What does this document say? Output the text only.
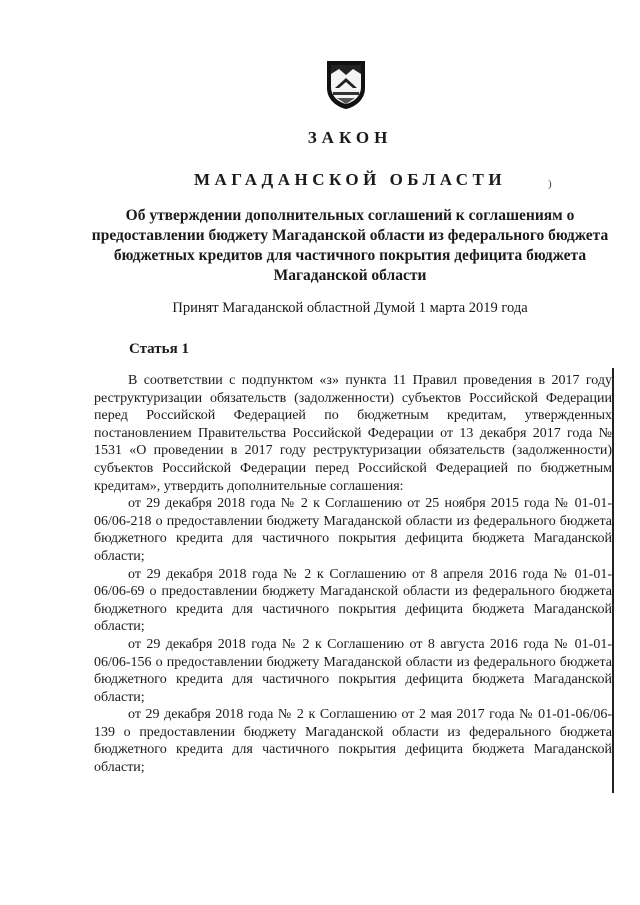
ЗАКОН
МАГАДАНСКОЙ ОБЛАСТИ	)
Об утверждении дополнительных соглашений к соглашениям о предоставлении бюджету Магаданской области из федерального бюджета бюджетных кредитов для частичного покрытия дефицита бюджета Магаданской области
Принят Магаданской областной Думой 1 марта 2019 года
Статья 1

В соответствии с подпунктом «з» пункта 11 Правил проведения в 2017 году реструктуризации обязательств (задолженности) субъектов Российской Федерации перед Российской Федерацией по бюджетным кредитам, утвержденных постановлением Правительства Российской Федерации от 13 декабря 2017 года № 1531 «О проведении в 2017 году реструктуризации обязательств (задолженности) субъектов Российской Федерации перед Российской Федерацией по бюджетным кредитам», утвердить дополнительные соглашения:

от 29 декабря 2018 года № 2 к Соглашению от 25 ноября 2015 года № 01-01-06/06-218 о предоставлении бюджету Магаданской области из федерального бюджета бюджетного кредита для частичного покрытия дефицита бюджета Магаданской области;

от 29 декабря 2018 года № 2 к Соглашению от 8 апреля 2016 года № 01-01-06/06-69 о предоставлении бюджету Магаданской области из федерального бюджета бюджетного кредита для частичного покрытия дефицита бюджета Магаданской области;

от 29 декабря 2018 года № 2 к Соглашению от 8 августа 2016 года № 01-01-06/06-156 о предоставлении бюджету Магаданской области из федерального бюджета бюджетного кредита для частичного покрытия дефицита бюджета Магаданской области;

от 29 декабря 2018 года № 2 к Соглашению от 2 мая 2017 года № 01-01-06/06-139 о предоставлении бюджету Магаданской области из федерального бюджета бюджетного кредита для частичного покрытия дефицита бюджета Магаданской области;
